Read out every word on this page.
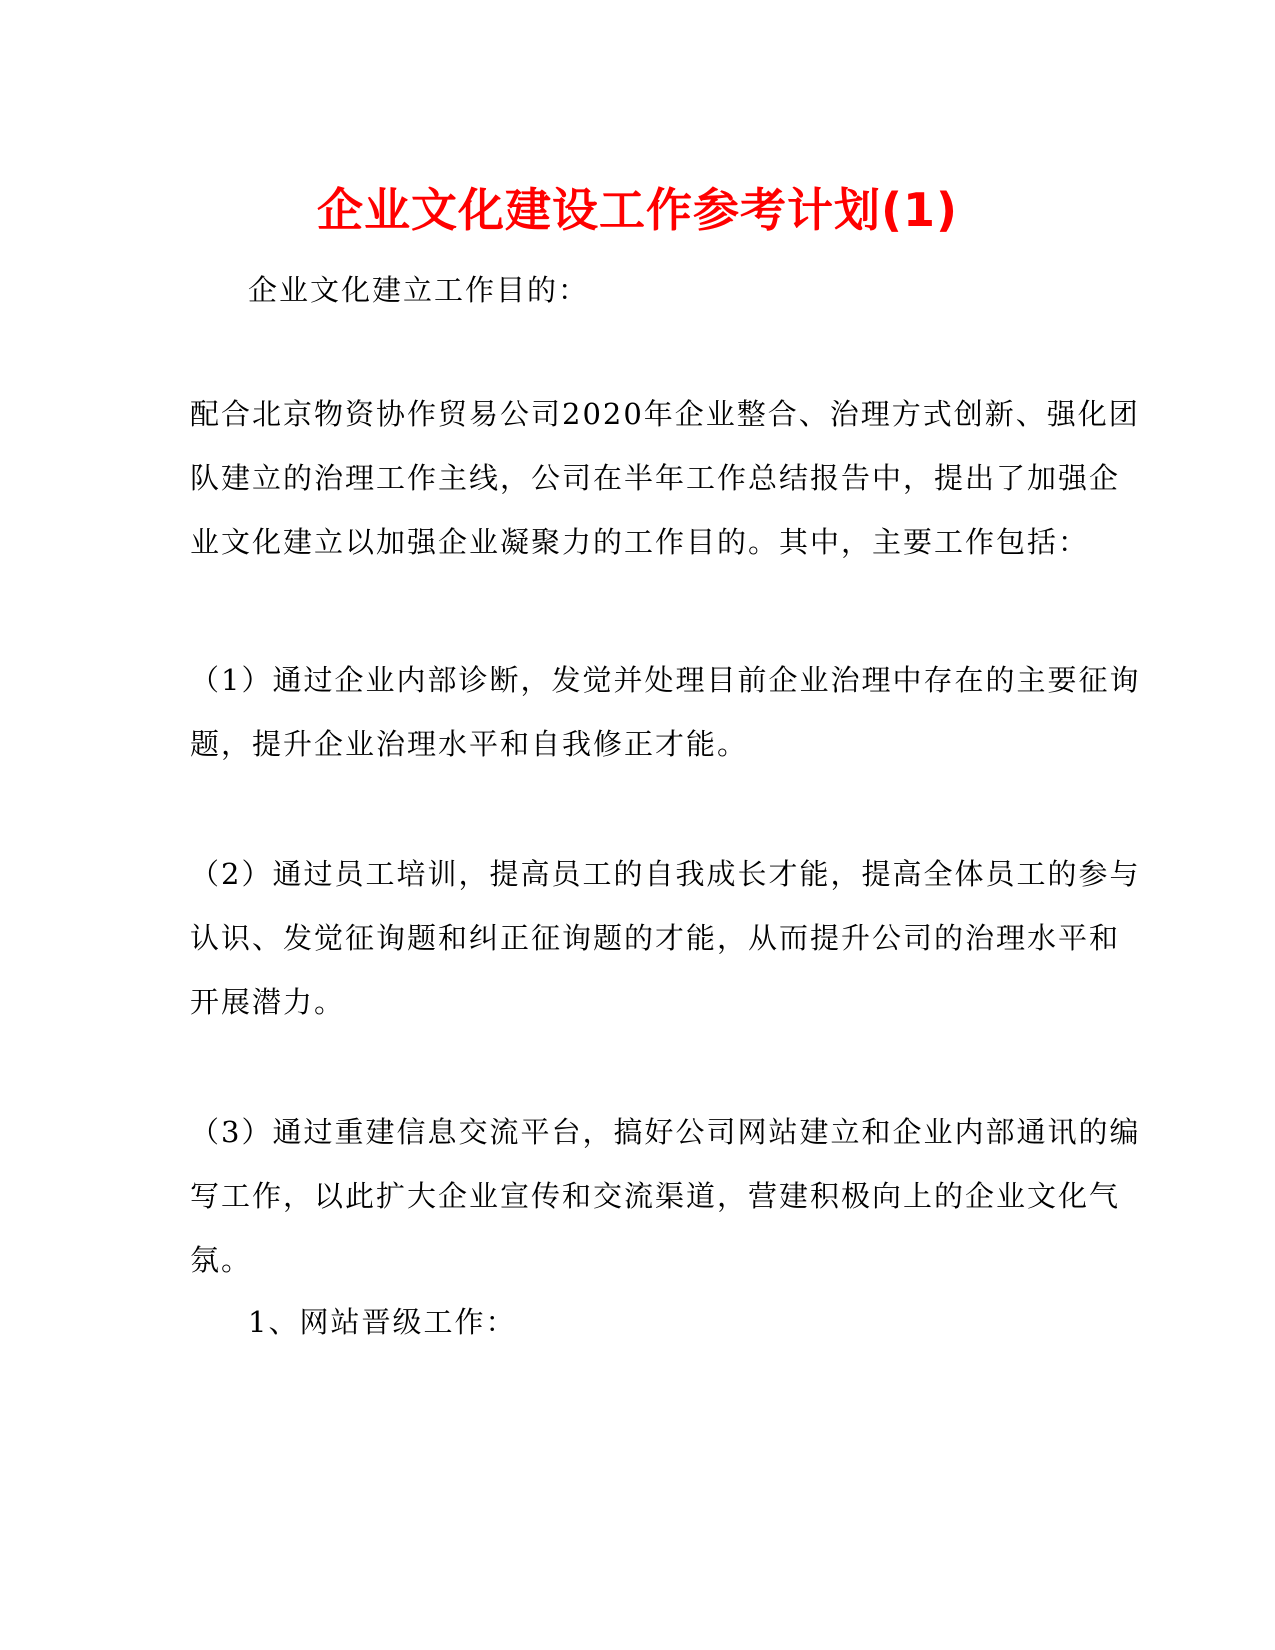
企业文化建设工作参考计划(1)

企业文化建立工作目的：

配合北京物资协作贸易公司2020年企业整合、治理方式创新、强化团
队建立的治理工作主线，公司在半年工作总结报告中，提出了加强企
业文化建立以加强企业凝聚力的工作目的。其中，主要工作包括：

（1）通过企业内部诊断，发觉并处理目前企业治理中存在的主要征询
题，提升企业治理水平和自我修正才能。

（2）通过员工培训，提高员工的自我成长才能，提高全体员工的参与
认识、发觉征询题和纠正征询题的才能，从而提升公司的治理水平和
开展潜力。

（3）通过重建信息交流平台，搞好公司网站建立和企业内部通讯的编
写工作，以此扩大企业宣传和交流渠道，营建积极向上的企业文化气
氛。

1、网站晋级工作：
